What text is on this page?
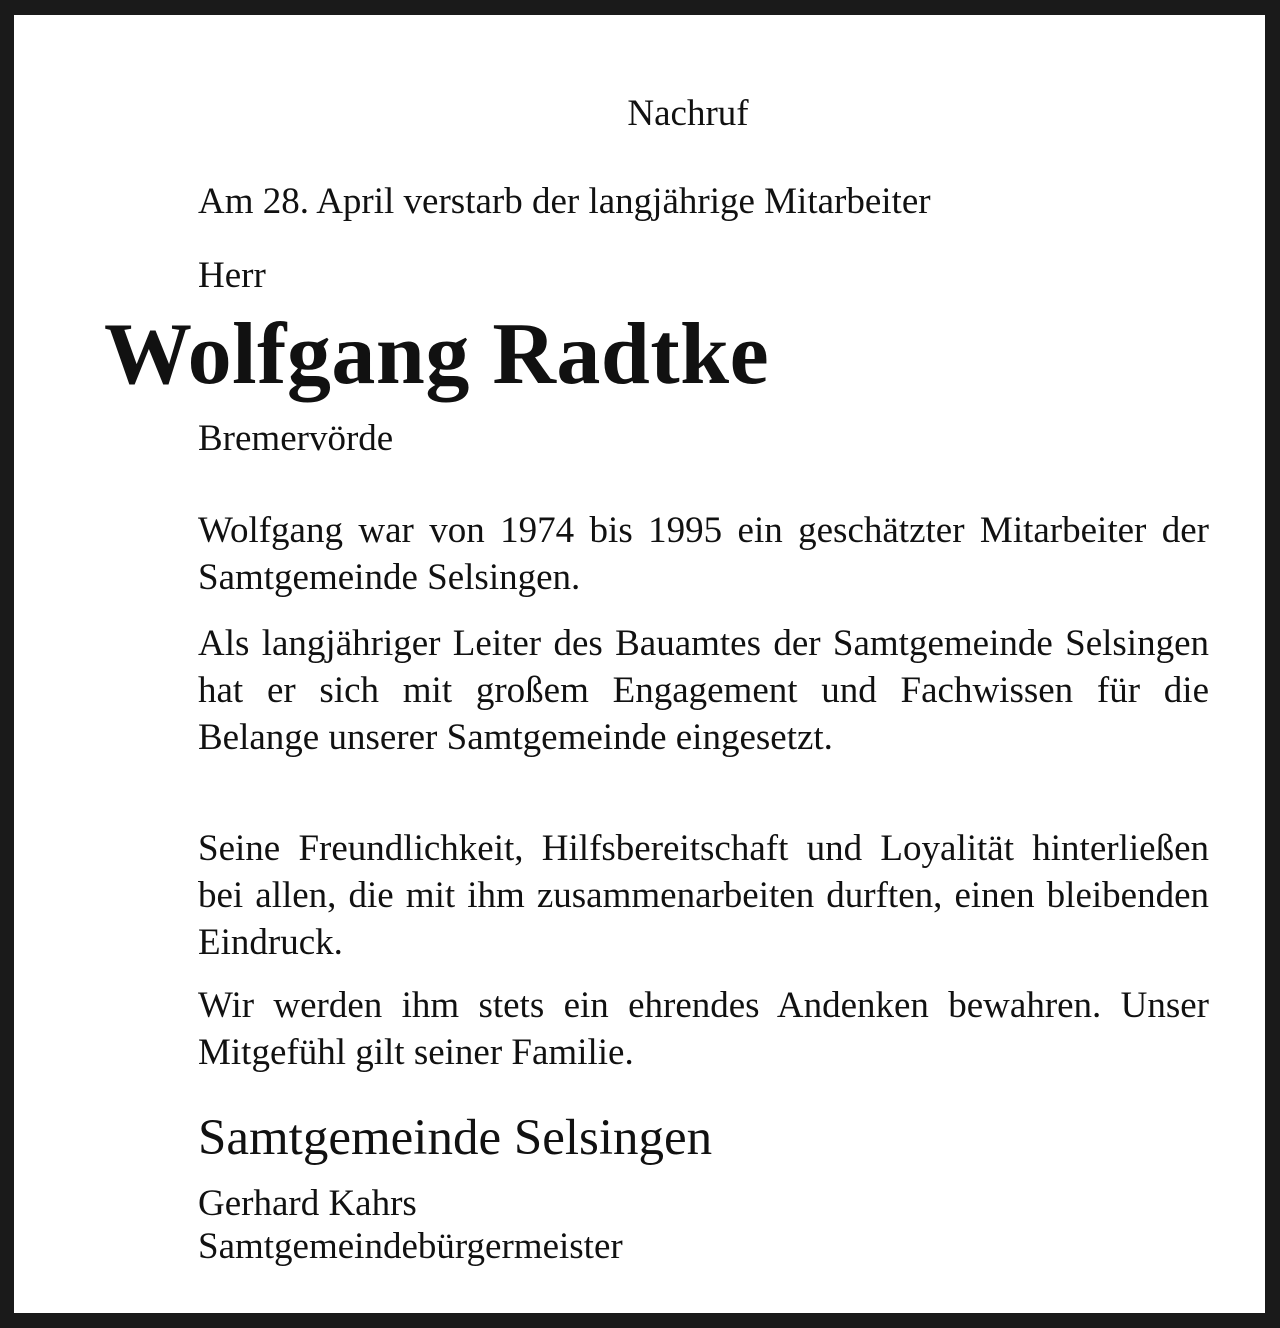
Nachruf

Am 28. April verstarb der langjährige Mitarbeiter

Herr

Wolfgang Radtke

Bremervörde

Wolfgang war von 1974 bis 1995 ein geschätzter Mitarbeiter der Samtgemeinde Selsingen.

Als langjähriger Leiter des Bauamtes der Samtgemeinde Selsingen hat er sich mit großem Engagement und Fachwissen für die Belange unserer Samtgemeinde eingesetzt.

Seine Freundlichkeit, Hilfsbereitschaft und Loyalität hinterließen bei allen, die mit ihm zusammenarbeiten durften, einen bleibenden Eindruck.

Wir werden ihm stets ein ehrendes Andenken bewahren. Unser Mitgefühl gilt seiner Familie.

Samtgemeinde Selsingen

Gerhard Kahrs

Samtgemeindebürgermeister
